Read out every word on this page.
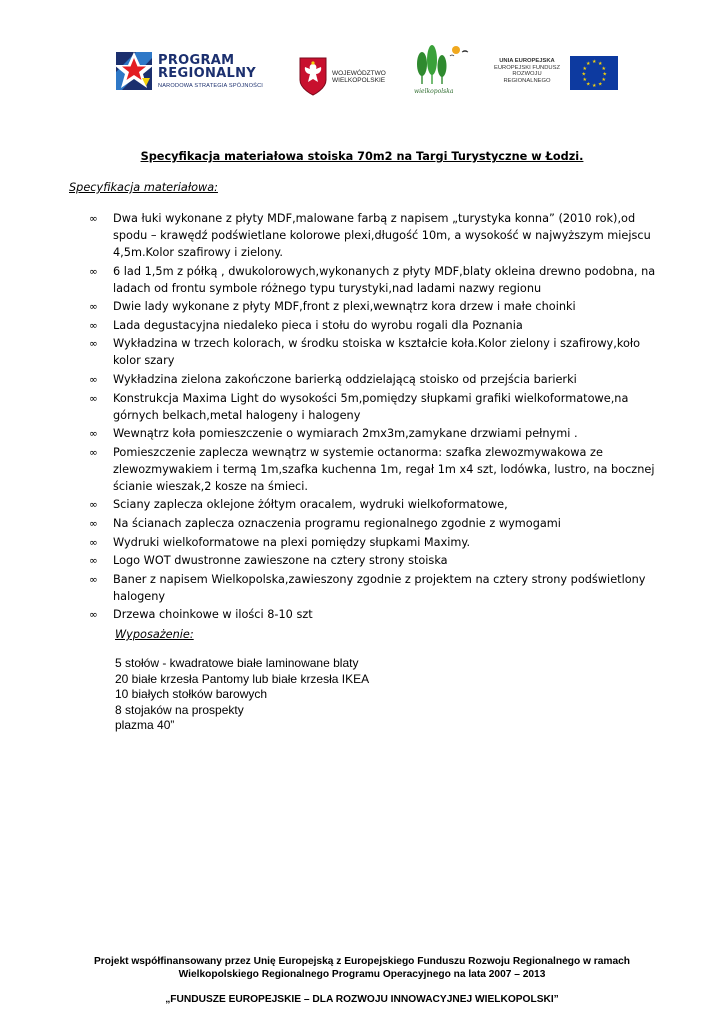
PROGRAM
REGIONALNY
NARODOWA STRATEGIA SPÓJNOŚCI
WOJEWÓDZTWO
WIELKOPOLSKIE
wielkopolska
UNIA EUROPEJSKA
EUROPEJSKI FUNDUSZ
ROZWOJU REGIONALNEGO
★ ★
★
★
★
★
★
★
★
★
★
★
Specyfikacja materiałowa stoiska 70m2 na Targi Turystyczne w Łodzi.
Specyfikacja materiałowa:
∞ Dwa łuki wykonane z płyty MDF,malowane farbą z napisem „turystyka konna” (2010 rok),od spodu – krawędź podświetlane kolorowe plexi,długość 10m, a wysokość w najwyższym miejscu 4,5m.Kolor szafirowy i zielony.
∞ 6 lad 1,5m z półką , dwukolorowych,wykonanych z płyty MDF,blaty okleina drewno podobna, na ladach od frontu symbole różnego typu turystyki,nad ladami nazwy regionu
∞ Dwie lady wykonane z płyty MDF,front z plexi,wewnątrz kora drzew i małe choinki
∞ Lada degustacyjna niedaleko pieca i stołu do wyrobu rogali dla Poznania
∞ Wykładzina w trzech kolorach, w środku stoiska w kształcie koła.Kolor zielony i szafirowy,koło kolor szary
∞ Wykładzina zielona zakończone barierką oddzielającą stoisko od przejścia barierki
∞ Konstrukcja Maxima Light do wysokości 5m,pomiędzy słupkami grafiki wielkoformatowe,na górnych belkach,metal halogeny i halogeny
∞ Wewnątrz koła pomieszczenie o wymiarach 2mx3m,zamykane drzwiami pełnymi .
∞ Pomieszczenie zaplecza wewnątrz w systemie octanorma: szafka zlewozmywakowa ze zlewozmywakiem i termą 1m,szafka kuchenna 1m, regał 1m x4 szt, lodówka, lustro, na bocznej ścianie wieszak,2 kosze na śmieci.
∞ Sciany zaplecza oklejone żółtym oracalem, wydruki wielkoformatowe,
∞ Na ścianach zaplecza oznaczenia programu regionalnego zgodnie z wymogami
∞ Wydruki wielkoformatowe na plexi pomiędzy słupkami Maximy.
∞ Logo WOT dwustronne zawieszone na cztery strony stoiska
∞ Baner z napisem Wielkopolska,zawieszony zgodnie z projektem na cztery strony podświetlony halogeny
∞ Drzewa choinkowe w ilości 8-10 szt
Wyposażenie:
5 stołów - kwadratowe białe laminowane blaty
20 białe krzesła Pantomy lub białe krzesła IKEA
10 białych stołków barowych
8 stojaków na prospekty
plazma 40”
Projekt współfinansowany przez Unię Europejską z Europejskiego Funduszu Rozwoju Regionalnego w ramach
Wielkopolskiego Regionalnego Programu Operacyjnego na lata 2007 – 2013
„FUNDUSZE EUROPEJSKIE – DLA ROZWOJU INNOWACYJNEJ WIELKOPOLSKI”
